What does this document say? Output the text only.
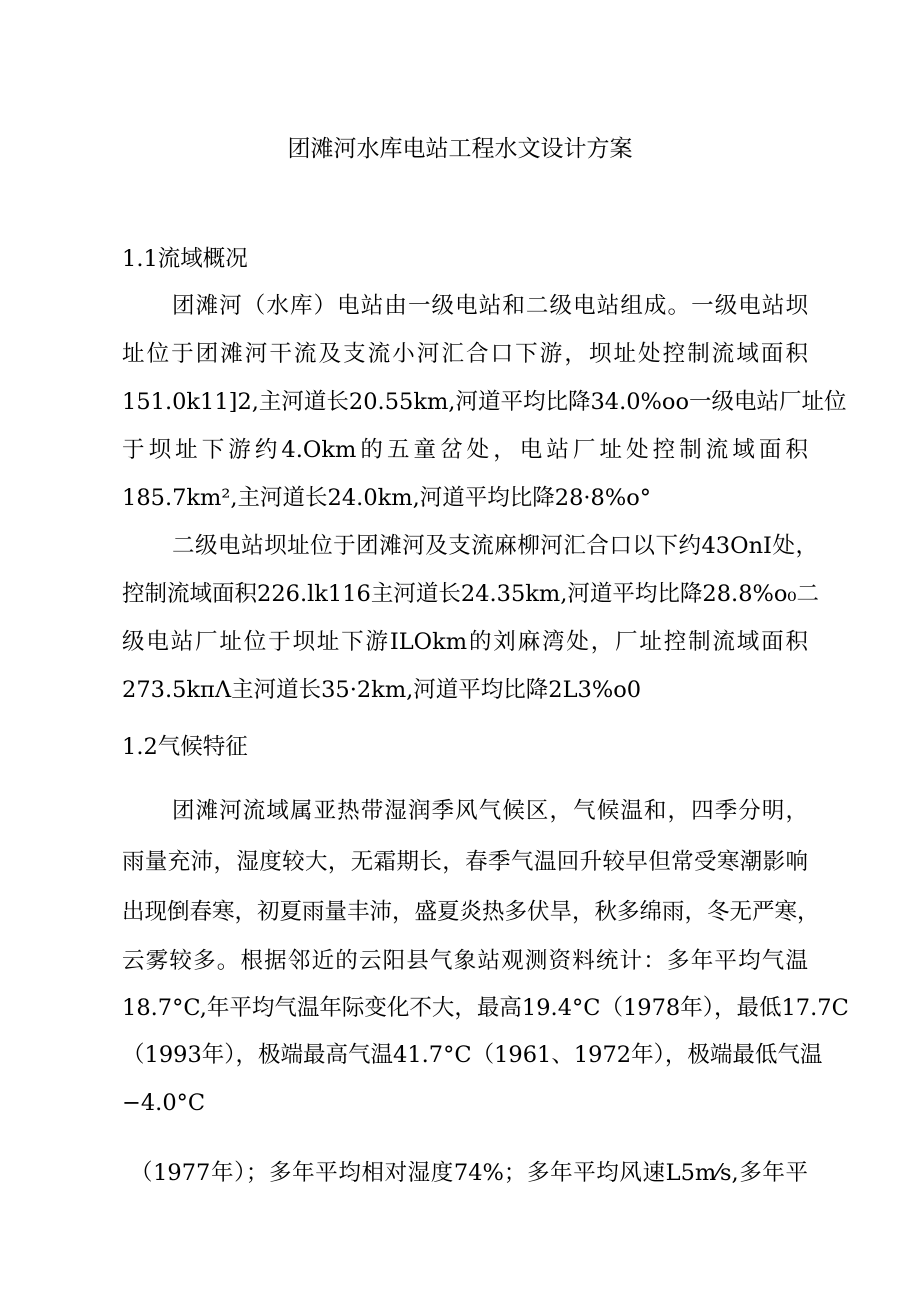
团滩河水库电站工程水文设计方案
1.1流域概况
团滩河（水库）电站由一级电站和二级电站组成。一级电站坝
址位于团滩河干流及支流小河汇合口下游，坝址处控制流域面积
151.0k11]2,主河道长20.55km,河道平均比降34.0%oo一级电站厂址位
于坝址下游约4.Okm的五童岔处，电站厂址处控制流域面积
185.7km²,主河道长24.0km,河道平均比降28·8%o°
二级电站坝址位于团滩河及支流麻柳河汇合口以下约43OnI处，
控制流域面积226.lk116主河道长24.35km,河道平均比降28.8%o₀二
级电站厂址位于坝址下游ILOkm的刘麻湾处，厂址控制流域面积
273.5kπΛ主河道长35·2km,河道平均比降2L3%o0
1.2气候特征
团滩河流域属亚热带湿润季风气候区，气候温和，四季分明，
雨量充沛，湿度较大，无霜期长，春季气温回升较早但常受寒潮影响
出现倒春寒，初夏雨量丰沛，盛夏炎热多伏旱，秋多绵雨，冬无严寒，
云雾较多。根据邻近的云阳县气象站观测资料统计：多年平均气温
18.7°C,年平均气温年际变化不大，最高19.4°C（1978年），最低17.7C
（1993年），极端最高气温41.7°C（1961、1972年），极端最低气温
−4.0°C
（1977年）；多年平均相对湿度74%；多年平均风速L5m⁄s,多年平
